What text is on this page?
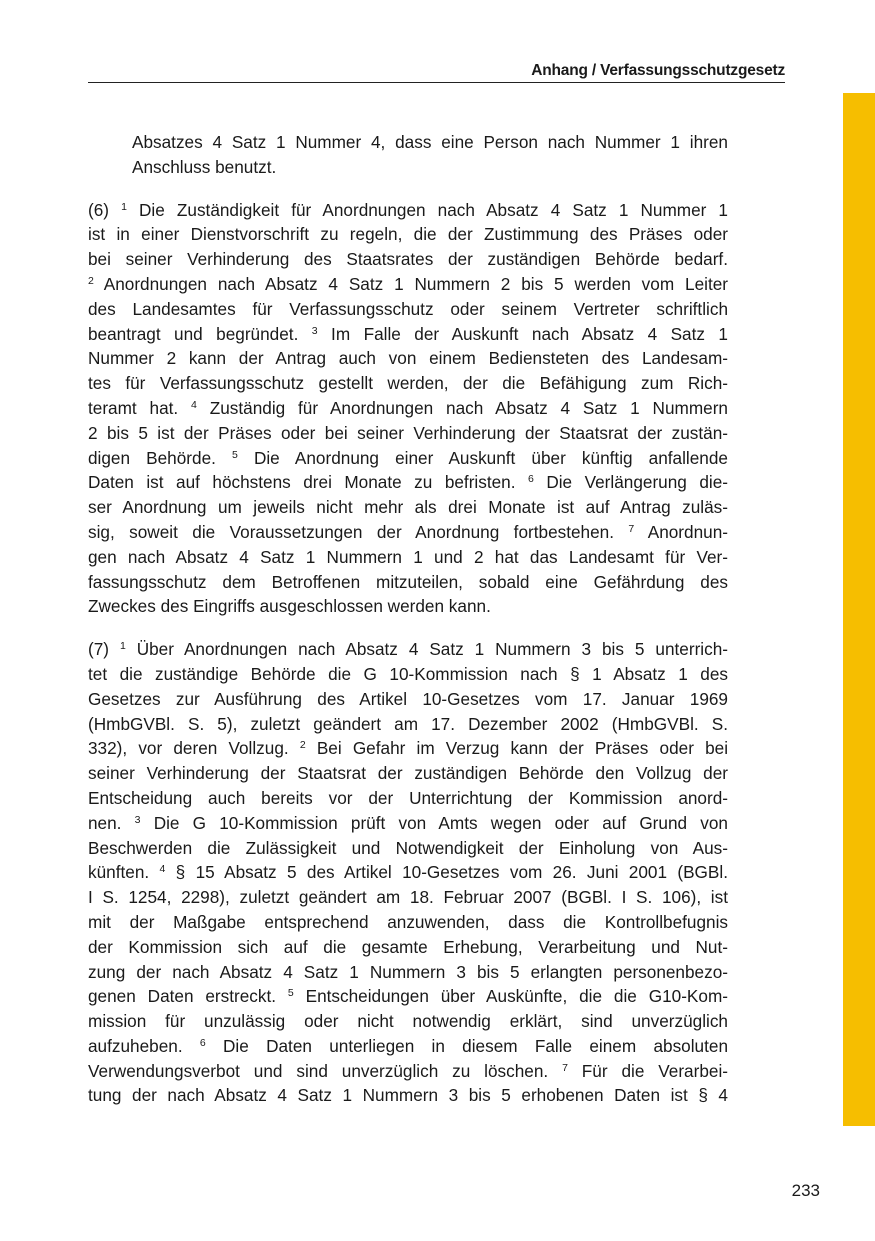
Anhang / Verfassungsschutzgesetz
Absatzes 4 Satz 1 Nummer 4, dass eine Person nach Nummer 1 ihren
Anschluss benutzt.
(6) $^1$ Die Zuständigkeit für Anordnungen nach Absatz 4 Satz 1 Nummer 1
ist in einer Dienstvorschrift zu regeln, die der Zustimmung des Präses oder
bei seiner Verhinderung des Staatsrates der zuständigen Behörde bedarf.
$^2$ Anordnungen nach Absatz 4 Satz 1 Nummern 2 bis 5 werden vom Leiter
des Landesamtes für Verfassungsschutz oder seinem Vertreter schriftlich
beantragt und begründet. $^3$ Im Falle der Auskunft nach Absatz 4 Satz 1
Nummer 2 kann der Antrag auch von einem Bediensteten des Landesam-
tes für Verfassungsschutz gestellt werden, der die Befähigung zum Rich-
teramt hat. $^4$ Zuständig für Anordnungen nach Absatz 4 Satz 1 Nummern
2 bis 5 ist der Präses oder bei seiner Verhinderung der Staatsrat der zustän-
digen Behörde. $^5$ Die Anordnung einer Auskunft über künftig anfallende
Daten ist auf höchstens drei Monate zu befristen. $^6$ Die Verlängerung die-
ser Anordnung um jeweils nicht mehr als drei Monate ist auf Antrag zuläs-
sig, soweit die Voraussetzungen der Anordnung fortbestehen. $^7$ Anordnun-
gen nach Absatz 4 Satz 1 Nummern 1 und 2 hat das Landesamt für Ver-
fassungsschutz dem Betroffenen mitzuteilen, sobald eine Gefährdung des
Zweckes des Eingriffs ausgeschlossen werden kann.
(7) $^1$ Über Anordnungen nach Absatz 4 Satz 1 Nummern 3 bis 5 unterrich-
tet die zuständige Behörde die G 10-Kommission nach § 1 Absatz 1 des
Gesetzes zur Ausführung des Artikel 10-Gesetzes vom 17. Januar 1969
(HmbGVBl. S. 5), zuletzt geändert am 17. Dezember 2002 (HmbGVBl. S.
332), vor deren Vollzug. $^2$ Bei Gefahr im Verzug kann der Präses oder bei
seiner Verhinderung der Staatsrat der zuständigen Behörde den Vollzug der
Entscheidung auch bereits vor der Unterrichtung der Kommission anord-
nen. $^3$ Die G 10-Kommission prüft von Amts wegen oder auf Grund von
Beschwerden die Zulässigkeit und Notwendigkeit der Einholung von Aus-
künften. $^4$ § 15 Absatz 5 des Artikel 10-Gesetzes vom 26. Juni 2001 (BGBl.
I S. 1254, 2298), zuletzt geändert am 18. Februar 2007 (BGBl. I S. 106), ist
mit der Maßgabe entsprechend anzuwenden, dass die Kontrollbefugnis
der Kommission sich auf die gesamte Erhebung, Verarbeitung und Nut-
zung der nach Absatz 4 Satz 1 Nummern 3 bis 5 erlangten personenbezo-
genen Daten erstreckt. $^5$ Entscheidungen über Auskünfte, die die G10-Kom-
mission für unzulässig oder nicht notwendig erklärt, sind unverzüglich
aufzuheben. $^6$ Die Daten unterliegen in diesem Falle einem absoluten
Verwendungsverbot und sind unverzüglich zu löschen. $^7$ Für die Verarbei-
tung der nach Absatz 4 Satz 1 Nummern 3 bis 5 erhobenen Daten ist § 4
233
